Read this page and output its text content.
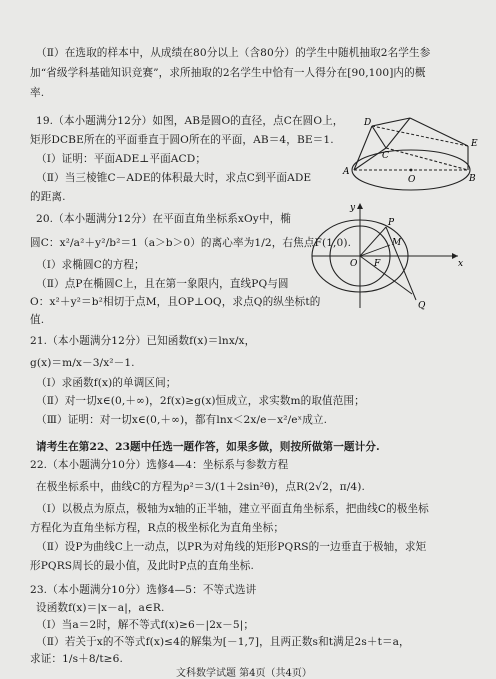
（Ⅱ）在选取的样本中，从成绩在80分以上（含80分）的学生中随机抽取2名学生参
加“省级学科基础知识竞赛”，求所抽取的2名学生中恰有一人得分在[90,100]内的概
率.
19.（本小题满分12分）如图，AB是圆O的直径，点C在圆O上，
矩形DCBE所在的平面垂直于圆O所在的平面，AB＝4，BE＝1.
（Ⅰ）证明：平面ADE⊥平面ACD；
（Ⅱ）当三棱锥C－ADE的体积最大时，求点C到平面ADE
的距离.
D
C
E
A
O	B
20.（本小题满分12分）在平面直角坐标系xOy中，椭
圆C：x²/a²＋y²/b²＝1（a＞b＞0）的离心率为1/2，右焦点F(1,0).
（Ⅰ）求椭圆C的方程；
（Ⅱ）点P在椭圆C上，且在第一象限内，直线PQ与圆
O：x²＋y²＝b²相切于点M，且OP⊥OQ，求点Q的纵坐标t的
值.
y
x
O F
P
M
Q
21.（本小题满分12分）已知函数f(x)＝lnx/x，
g(x)＝m/x－3/x²－1.
（Ⅰ）求函数f(x)的单调区间；
（Ⅱ）对一切x∈(0,＋∞)，2f(x)≥g(x)恒成立，求实数m的取值范围；
（Ⅲ）证明：对一切x∈(0,＋∞)，都有lnx＜2x/e－x²/eˣ成立.
请考生在第22、23题中任选一题作答，如果多做，则按所做第一题计分.
22.（本小题满分10分）选修4—4：坐标系与参数方程
在极坐标系中，曲线C的方程为ρ²＝3/(1＋2sin²θ)，点R(2√2，π/4).
（Ⅰ）以极点为原点，极轴为x轴的正半轴，建立平面直角坐标系，把曲线C的极坐标
方程化为直角坐标方程，R点的极坐标化为直角坐标；
（Ⅱ）设P为曲线C上一动点，以PR为对角线的矩形PQRS的一边垂直于极轴，求矩
形PQRS周长的最小值，及此时P点的直角坐标.
23.（本小题满分10分）选修4—5：不等式选讲
设函数f(x)＝|x－a|，a∈R.
（Ⅰ）当a＝2时，解不等式f(x)≥6－|2x－5|；
（Ⅱ）若关于x的不等式f(x)≤4的解集为[－1,7]，且两正数s和t满足2s＋t＝a，
求证：1/s＋8/t≥6.
文科数学试题 第4页（共4页）
